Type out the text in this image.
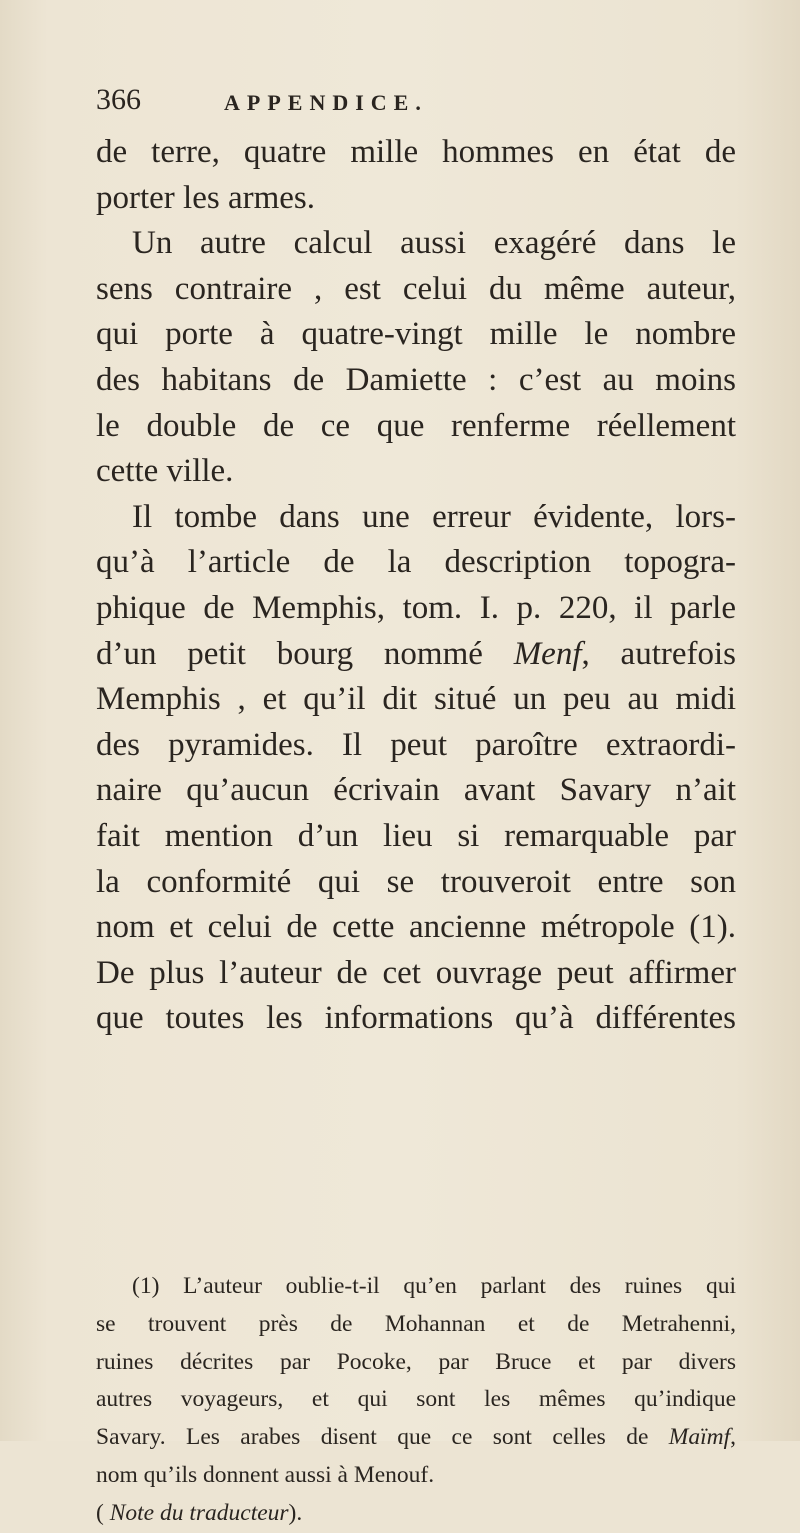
366	APPENDICE.
de terre, quatre mille hommes en état de
porter les armes.
Un autre calcul aussi exagéré dans le
sens contraire , est celui du même auteur,
qui porte à quatre-vingt mille le nombre
des habitans de Damiette : c’est au moins
le double de ce que renferme réellement
cette ville.
Il tombe dans une erreur évidente, lors-
qu’à l’article de la description topogra-
phique de Memphis, tom. I. p. 220, il parle
d’un petit bourg nommé Menf, autrefois
Memphis , et qu’il dit situé un peu au midi
des pyramides. Il peut paroître extraordi-
naire qu’aucun écrivain avant Savary n’ait
fait mention d’un lieu si remarquable par
la conformité qui se trouveroit entre son
nom et celui de cette ancienne métropole (1).
De plus l’auteur de cet ouvrage peut affirmer
que toutes les informations qu’à différentes
(1) L’auteur oublie-t-il qu’en parlant des ruines qui
se trouvent près de Mohannan et de Metrahenni,
ruines décrites par Pocoke, par Bruce et par divers
autres voyageurs, et qui sont les mêmes qu’indique
Savary. Les arabes disent que ce sont celles de Maïmf,
nom qu’ils donnent aussi à Menouf.
( Note du traducteur).
